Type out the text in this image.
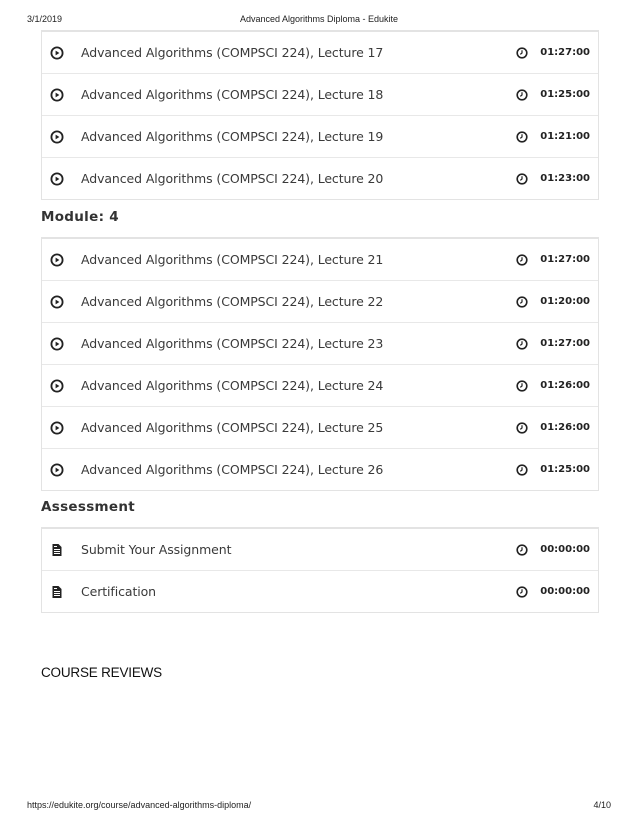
3/1/2019	Advanced Algorithms Diploma - Edukite
Advanced Algorithms (COMPSCI 224), Lecture 17	01:27:00
Advanced Algorithms (COMPSCI 224), Lecture 18	01:25:00
Advanced Algorithms (COMPSCI 224), Lecture 19	01:21:00
Advanced Algorithms (COMPSCI 224), Lecture 20	01:23:00
Module: 4
Advanced Algorithms (COMPSCI 224), Lecture 21	01:27:00
Advanced Algorithms (COMPSCI 224), Lecture 22	01:20:00
Advanced Algorithms (COMPSCI 224), Lecture 23	01:27:00
Advanced Algorithms (COMPSCI 224), Lecture 24	01:26:00
Advanced Algorithms (COMPSCI 224), Lecture 25	01:26:00
Advanced Algorithms (COMPSCI 224), Lecture 26	01:25:00
Assessment
Submit Your Assignment	00:00:00
Certification	00:00:00
COURSE REVIEWS
https://edukite.org/course/advanced-algorithms-diploma/	4/10
